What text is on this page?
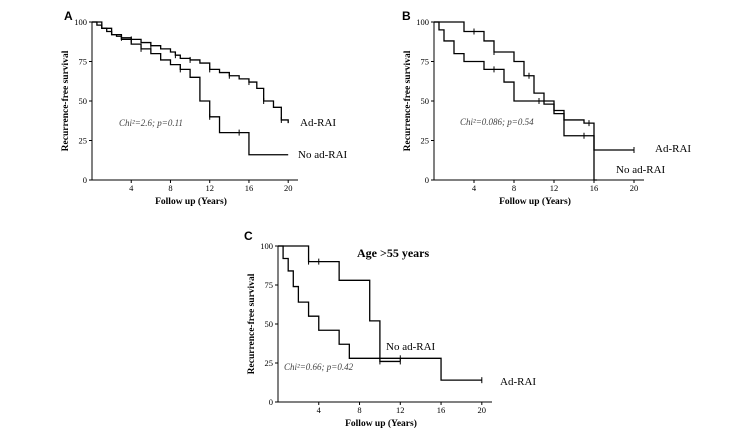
A
0
25
50
75
100
4	8	12	16	20
Follow up (Years)
Recurrence-free survival	Chi²=2.6; p=0.11	Ad-RAI
No ad-RAI
B
0
25
50
75
100
4	8	12	16	20
Follow up (Years)
Recurrence-free survival	Chi²=0.086; p=0.54
Ad-RAI
No ad-RAI
C
0
25
50
75
100
4	8	12	16	20
Follow up (Years)
Recurrence-free survival
Age >55 years
Chi²=0.66; p=0.42
Ad-RAI
No ad-RAI
